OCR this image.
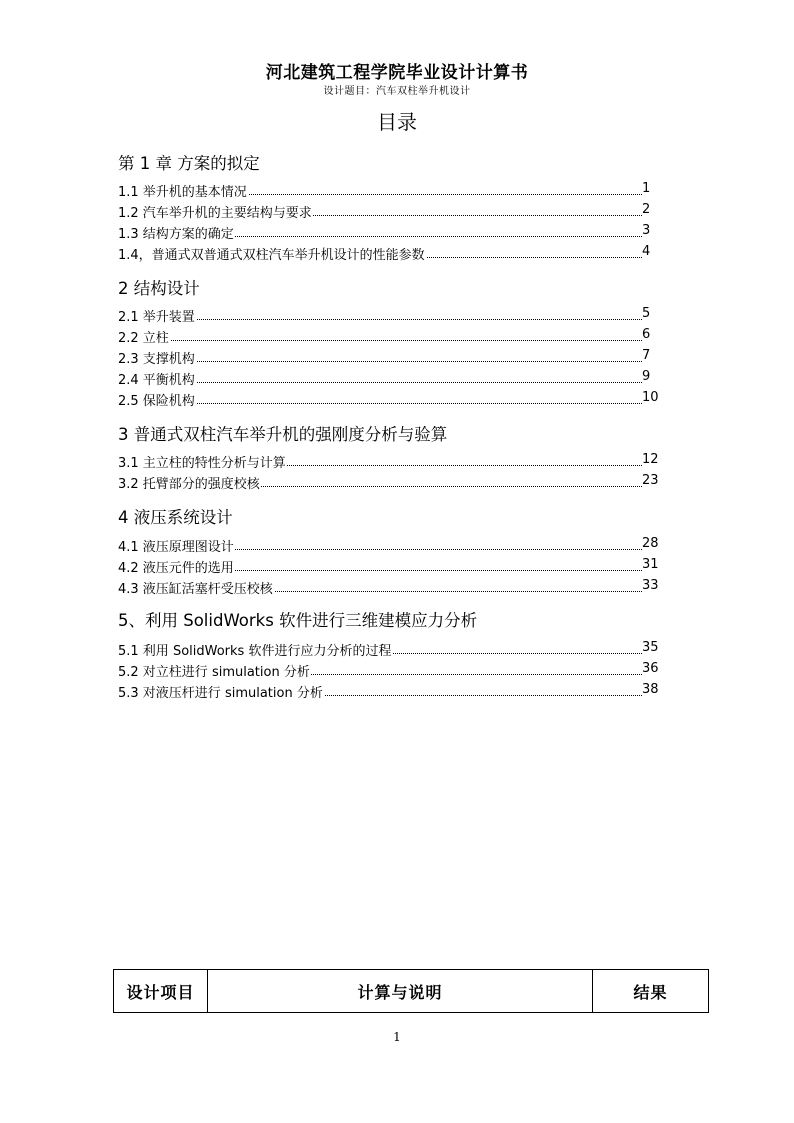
河北建筑工程学院毕业设计计算书
设计题目：汽车双柱举升机设计
目录
第 1 章 方案的拟定
1.1 举升机的基本情况	1
1.2 汽车举升机的主要结构与要求	2
1.3 结构方案的确定	3
1.4，普通式双普通式双柱汽车举升机设计的性能参数	4
2 结构设计
2.1 举升装置	5
2.2 立柱	6
2.3 支撑机构	7
2.4 平衡机构	9
2.5 保险机构	10
3 普通式双柱汽车举升机的强刚度分析与验算
3.1 主立柱的特性分析与计算	12
3.2 托臂部分的强度校核	23
4 液压系统设计
4.1 液压原理图设计	28
4.2 液压元件的选用	31
4.3 液压缸活塞杆受压校核	33
5、利用 SolidWorks 软件进行三维建模应力分析
5.1 利用 SolidWorks 软件进行应力分析的过程	35
5.2 对立柱进行 simulation 分析	36
5.3 对液压杆进行 simulation 分析	38
设计项目	计算与说明	结果
1
